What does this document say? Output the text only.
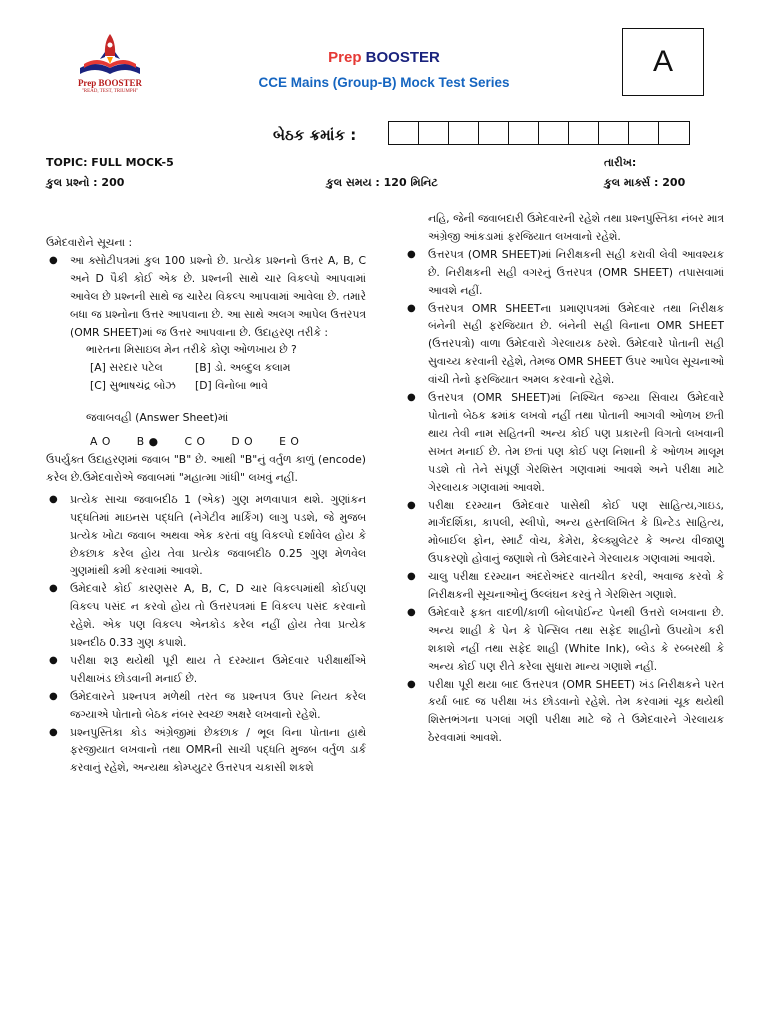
Prep BOOSTER
"READ, TEST, TRIUMPH"
Prep BOOSTER
CCE Mains (Group-B) Mock Test Series
A
બેઠક ક્રમાંક :
TOPIC: FULL MOCK-5	તારીખ:
કુલ પ્રશ્નો : 200	કુલ સમય : 120 મિનિટ	કુલ માર્ક્સ : 200

ઉમેદવારોને સૂચના :

● આ ક્સોટીપત્રમાં કુલ 100 પ્રશ્નો છે. પ્રત્યેક પ્રશ્નનો ઉત્તર A, B, C અને D પૈકી કોઈ એક છે. પ્રશ્નની સાથે ચાર વિકલ્પો આપવામાં આવેલ છે પ્રશ્નની સાથે જ ચારેય વિકલ્પ આપવામાં આવેલા છે. તમારે બધા જ પ્રશ્નોના ઉત્તર આપવાના છે. આ સાથે અલગ આપેલ ઉત્તરપત્ર (OMR SHEET)માં જ ઉત્તર આપવાના છે. ઉદાહરણ તરીકે :

ભારતના મિસાઇલ મેન તરીકે કોણ ઓળખાય છે ?

[A] સરદાર પટેલ	[B] ડો. અબ્દુલ કલામ
[C] સુભાષચંદ્ર બોઝ	[D] વિનોબા ભાવે

જવાબવહી (Answer Sheet)માં

A O B ● C O D O E O

ઉપર્યુક્ત ઉદાહરણમાં જવાબ "B" છે. આથી "B"નું વર્તુળ કાળું (encode) કરેલ છે.ઉમેદવારોએ જવાબમાં "મહાત્મા ગાંધી" લખવું નહીં.

● પ્રત્યેક સાચા જવાબદીઠ 1 (એક) ગુણ મળવાપાત્ર થશે. ગુણાંકન પદ્ધતિમાં માઇનસ પદ્ધતિ (નેગેટીવ માર્કિંગ) લાગુ પડશે, જે મુજબ પ્રત્યેક ખોટા જવાબ અથવા એક કરતાં વધુ વિકલ્પો દર્શાવેલ હોય કે છેકછાક કરેલ હોય તેવા પ્રત્યેક જવાબદીઠ 0.25 ગુણ મેળવેલ ગુણમાંથી કમી કરવામાં આવશે.

● ઉમેદવારે કોઈ કારણસર A, B, C, D ચાર વિકલ્પમાંથી કોઈપણ વિકલ્પ પસંદ ન કરવો હોય તો ઉત્તરપત્રમાં E વિકલ્પ પસંદ કરવાનો રહેશે. એક પણ વિકલ્પ એનકોડ કરેલ નહીં હોય તેવા પ્રત્યેક પ્રશ્નદીઠ 0.33 ગુણ કપાશે.

● પરીક્ષા શરૂ થયેથી પૂરી થાય તે દરમ્યાન ઉમેદવાર પરીક્ષાર્થીએ પરીક્ષાખંડ છોડવાની મનાઈ છે.

● ઉમેદવારને પ્રશ્નપત્ર મળેથી તરત જ પ્રશ્નપત્ર ઉપર નિયત કરેલ જગ્યાએ પોતાનો બેઠક નંબર સ્વચ્છ અક્ષરે લખવાનો રહેશે.

● પ્રશ્નપુસ્તિકા કોડ અંગ્રેજીમાં છેકછાક / ભૂલ વિના પોતાના હાથે ફરજીયાત લખવાનો તથા OMRની સાચી પદ્ધતિ મુજબ વર્તુળ ડાર્ક કરવાનું રહેશે, અન્યથા કોમ્પ્યુટર ઉત્તરપત્ર ચકાસી શકશે

નહિ, જેની જવાબદારી ઉમેદવારની રહેશે તથા પ્રશ્નપુસ્તિકા નંબર માત્ર અંગ્રેજી આંકડામાં ફરજિયાત લખવાનો રહેશે.

● ઉત્તરપત્ર (OMR SHEET)માં નિરીક્ષકની સહી કરાવી લેવી આવશ્યક છે. નિરીક્ષકની સહી વગરનું ઉત્તરપત્ર (OMR SHEET) તપાસવામાં આવશે નહીં.

● ઉત્તરપત્ર OMR SHEETના પ્રમાણપત્રમાં ઉમેદવાર તથા નિરીક્ષક બંનેની સહી ફરજિયાત છે. બંનેની સહી વિનાના OMR SHEET (ઉત્તરપત્રો) વાળા ઉમેદવારો ગેરલાયક ઠરશે. ઉમેદવારે પોતાની સહી સુવાચ્ય કરવાની રહેશે, તેમજ OMR SHEET ઉપર આપેલ સૂચનાઓ વાંચી તેનો ફરજિયાત અમલ કરવાનો રહેશે.

● ઉત્તરપત્ર (OMR SHEET)માં નિશ્ચિત જગ્યા સિવાય ઉમેદવારે પોતાનો બેઠક ક્રમાંક લખવો નહીં તથા પોતાની આગવી ઓળખ છતી થાય તેવી નામ સહિતની અન્ય કોઈ પણ પ્રકારની વિગતો લખવાની સખત મનાઈ છે. તેમ છતાં પણ કોઈ પણ નિશાની કે ઓળખ માલૂમ પડશે તો તેને સંપૂર્ણ ગેરશિસ્ત ગણવામાં આવશે અને પરીક્ષા માટે ગેરલાયક ગણવામાં આવશે.

● પરીક્ષા દરમ્યાન ઉમેદવાર પાસેથી કોઈ પણ સાહિત્ય,ગાઇડ, માર્ગદર્શિકા, કાપલી, સ્લીપો, અન્ય હસ્તલિખિત કે પ્રિન્ટેડ સાહિત્ય, મોબાઈલ ફોન, સ્માર્ટ વોચ, કેમેરા, કેલ્ક્યુલેટર કે અન્ય વીજાણુ ઉપકરણો હોવાનું જણાશે તો ઉમેદવારને ગેરલાયક ગણવામાં આવશે.

● ચાલુ પરીક્ષા દરમ્યાન અંદરોઅંદર વાતચીત કરવી, અવાજ કરવો કે નિરીક્ષકની સૂચનાઓનું ઉલ્લંઘન કરવું તે ગેરશિસ્ત ગણાશે.

● ઉમેદવારે ફક્ત વાદળી/કાળી બોલપોઈન્ટ પેનથી ઉત્તરો લખવાના છે. અન્ય શાહી કે પેન કે પેન્સિલ તથા સફેદ શાહીનો ઉપયોગ કરી શકાશે નહીં તથા સફેદ શાહી (White Ink), બ્લેડ કે રબ્બરથી કે અન્ય કોઈ પણ રીતે કરેલા સુધારા માન્ય ગણાશે નહીં.

● પરીક્ષા પૂરી થયા બાદ ઉત્તરપત્ર (OMR SHEET) ખંડ નિરીક્ષકને પરત કર્યા બાદ જ પરીક્ષા ખંડ છોડવાનો રહેશે. તેમ કરવામાં ચૂક થયેથી શિસ્તભંગના પગલાં ગણી પરીક્ષા માટે જે તે ઉમેદવારને ગેરલાયક ઠેરવવામાં આવશે.
